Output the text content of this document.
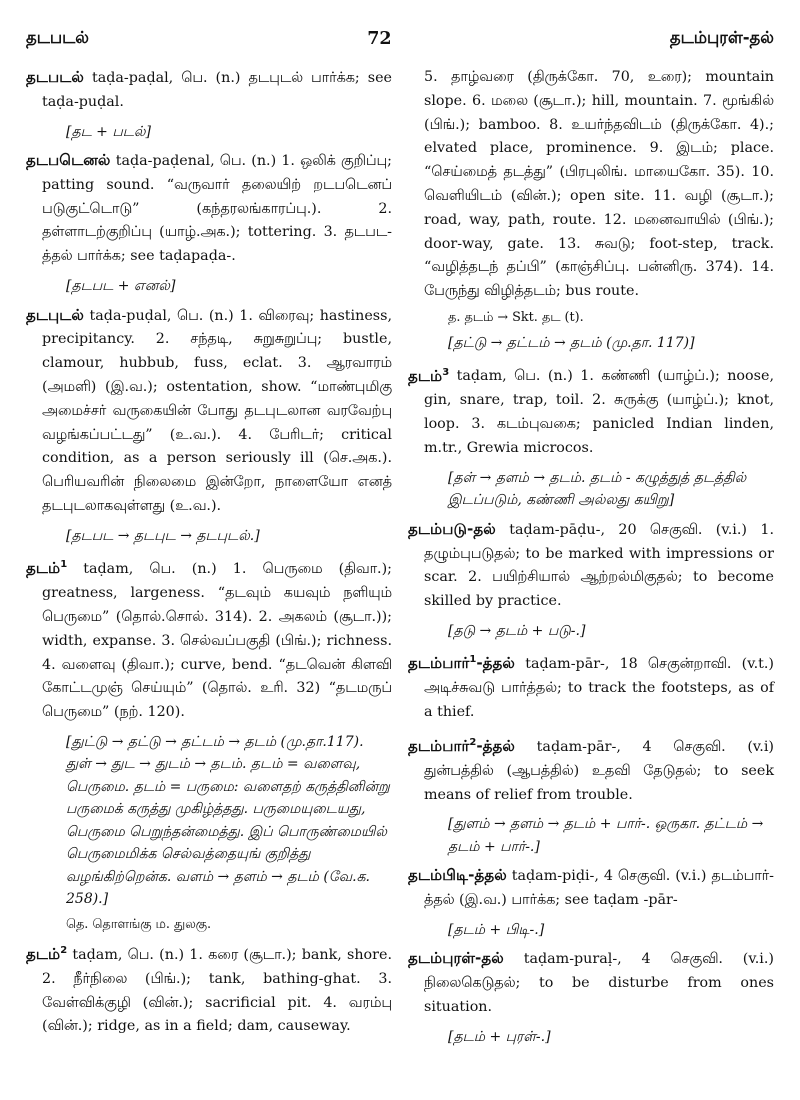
தடபடல்	72	தடம்புரள்-தல்
தடபடல் taḍa-paḍal, பெ. (n.) தடபுடல் பார்க்க; see taḍa-puḍal.
[தட + படல்]
தடபடெனல் taḍa-paḍenal, பெ. (n.) 1. ஒலிக் குறிப்பு; patting sound. “வருவார் தலையிற் றடபடெனப் படுகுட்டொடு” (கந்தரலங்காரப்பு.). 2. தள்ளாடற்குறிப்பு (யாழ்.அக.); tottering. 3. தடபட-த்தல் பார்க்க; see taḍapaḍa-.
[தடபட + எனல்]
தடபுடல் taḍa-puḍal, பெ. (n.) 1. விரைவு; hastiness, precipitancy. 2. சந்தடி, சுறுசுறுப்பு; bustle, clamour, hubbub, fuss, eclat. 3. ஆரவாரம் (அமளி) (இ.வ.); ostentation, show. “மாண்புமிகு அமைச்சர் வருகையின் போது தடபுடலான வரவேற்பு வழங்கப்பட்டது” (உ.வ.). 4. பேரிடர்; critical condition, as a person seriously ill (செ.அக.). பெரியவரின் நிலைமை இன்றோ, நாளையோ எனத் தடபுடலாகவுள்ளது (உ.வ.).
[தடபட → தடபுட → தடபுடல்.]
தடம்$^1$ taḍam, பெ. (n.) 1. பெருமை (திவா.); greatness, largeness. “தடவும் கயவும் நளியும் பெருமை” (தொல்.சொல். 314). 2. அகலம் (சூடா.)); width, expanse. 3. செல்வப்பகுதி (பிங்.); richness. 4. வளைவு (திவா.); curve, bend. “தடவென் கிளவி கோட்டமுஞ் செய்யும்” (தொல். உரி. 32) “தடமருப் பெருமை” (நற். 120).
[துட்டு → தட்டு → தட்டம் → தடம் (மு.தா.117). துள் → துட → துடம் → தடம். தடம் = வளைவு, பெருமை. தடம் = பருமை: வளைதற் கருத்தினின்று பருமைக் கருத்து முகிழ்த்தது. பருமையுடையது, பெருமை பெறுந்தன்மைத்து. இப் பொருண்மையில் பெருமைமிக்க செல்வத்தையுங் குறித்து வழங்கிற்றென்க. வளம் → தளம் → தடம் (வே.க. 258).]
தெ. தொளங்கு ம. துலகு.
தடம்$^2$ taḍam, பெ. (n.) 1. கரை (சூடா.); bank, shore. 2. நீர்நிலை (பிங்.); tank, bathing-ghat. 3. வேள்விக்குழி (வின்.); sacrificial pit. 4. வரம்பு (வின்.); ridge, as in a field; dam, causeway.
5. தாழ்வரை (திருக்கோ. 70, உரை); mountain slope. 6. மலை (சூடா.); hill, mountain. 7. மூங்கில் (பிங்.); bamboo. 8. உயர்ந்தவிடம் (திருக்கோ. 4).; elvated place, prominence. 9. இடம்; place. “செய்மைத் தடத்து” (பிரபுலிங். மாயைகோ. 35). 10. வெளியிடம் (வின்.); open site. 11. வழி (சூடா.); road, way, path, route. 12. மனைவாயில் (பிங்.); door-way, gate. 13. சுவடு; foot-step, track. “வழித்தடந் தப்பி” (காஞ்சிப்பு. பன்னிரு. 374). 14. பேருந்து விழித்தடம்; bus route.
த. தடம் → Skt. தட (t).
[தட்டு → தட்டம் → தடம் (மு.தா. 117)]
தடம்$^3$ taḍam, பெ. (n.) 1. கண்ணி (யாழ்ப்.); noose, gin, snare, trap, toil. 2. சுருக்கு (யாழ்ப்.); knot, loop. 3. கடம்புவகை; panicled Indian linden, m.tr., Grewia microcos.
[தள் → தளம் → தடம். தடம் - கழுத்துத் தடத்தில் இடப்படும், கண்ணி அல்லது கயிறு]
தடம்படு-தல் taḍam-pāḍu-, 20 செகுவி. (v.i.) 1. தழும்புபடுதல்; to be marked with impressions or scar. 2. பயிற்சியால் ஆற்றல்மிகுதல்; to become skilled by practice.
[தடு → தடம் + படு-.]
தடம்பார்$^1$-த்தல் taḍam-pār-, 18 செகுன்றாவி. (v.t.) அடிச்சுவடு பார்த்தல்; to track the footsteps, as of a thief.
தடம்பார்$^2$-த்தல் taḍam-pār-, 4 செகுவி. (v.i) துன்பத்தில் (ஆபத்தில்) உதவி தேடுதல்; to seek means of relief from trouble.
[துளம் → தளம் → தடம் + பார்-. ஒருகா. தட்டம் → தடம் + பார்-.]
தடம்பிடி-த்தல் taḍam-piḍi-, 4 செகுவி. (v.i.) தடம்பார்-த்தல் (இ.வ.) பார்க்க; see taḍam -pār-
[தடம் + பிடி-.]
தடம்புரள்-தல் taḍam-puraḷ-, 4 செகுவி. (v.i.) நிலைகெடுதல்; to be disturbe from ones situation.
[தடம் + புரள்-.]
